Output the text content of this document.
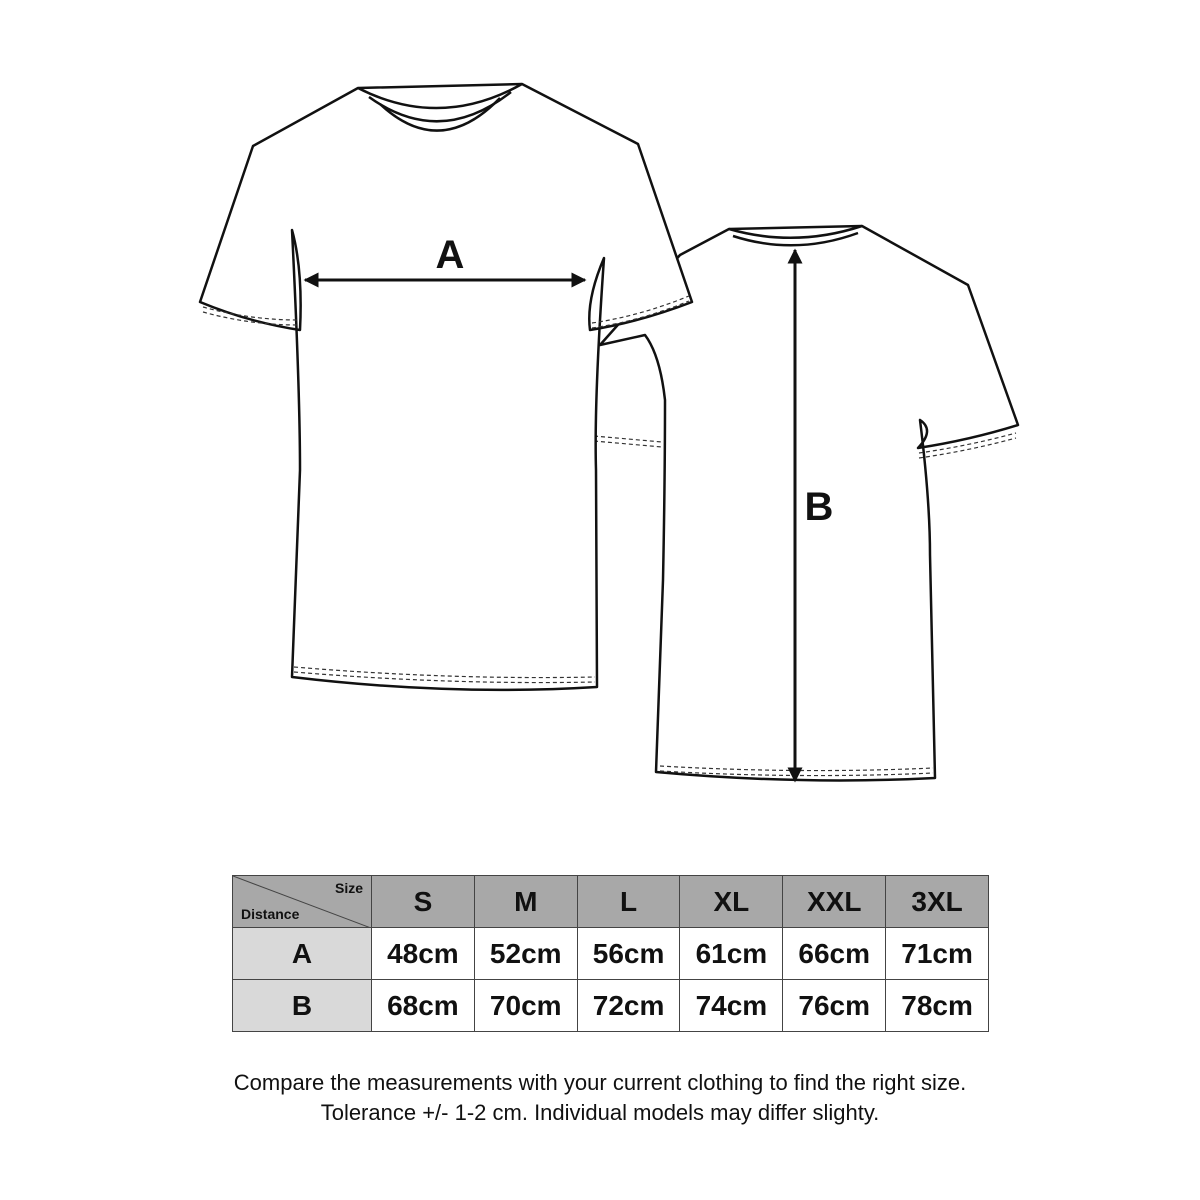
A
B
Size
Distance	S	M	L	XL	XXL	3XL
A	48cm	52cm	56cm	61cm	66cm	71cm
B	68cm	70cm	72cm	74cm	76cm	78cm
Compare the measurements with your current clothing to find the right size.
Tolerance +/- 1-2 cm. Individual models may differ slighty.
